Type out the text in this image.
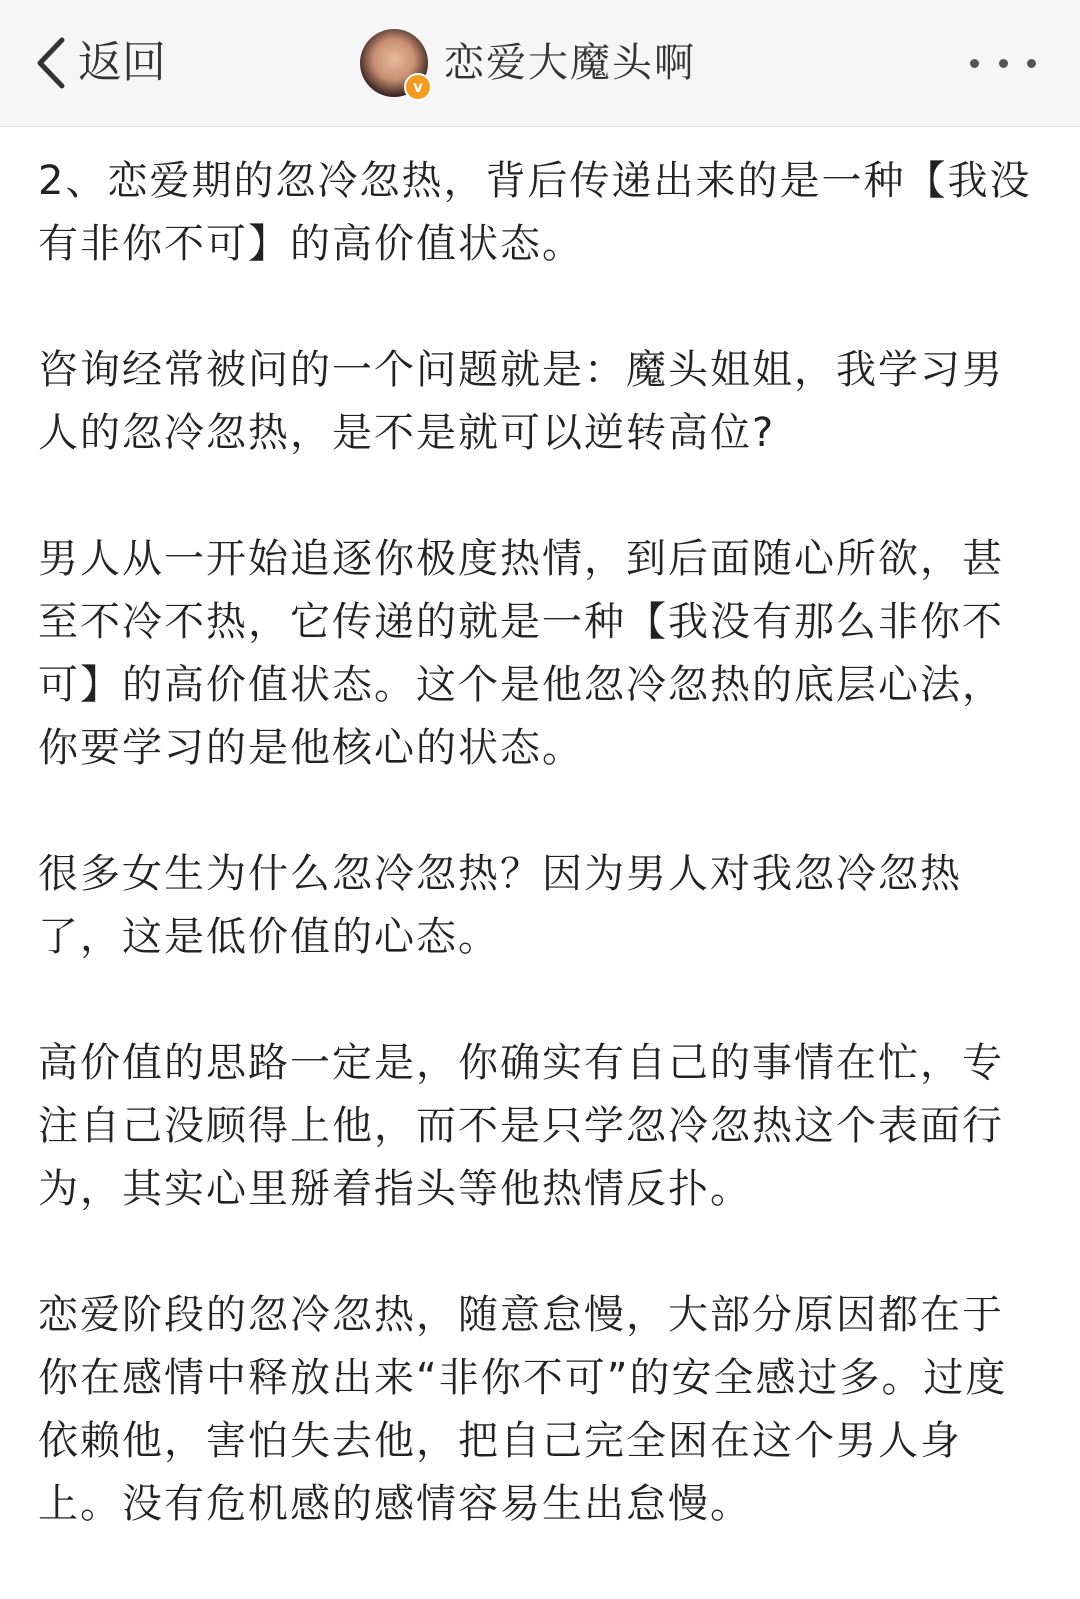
返回	v
恋爱大魔头啊

2、恋爱期的忽冷忽热，背后传递出来的是一种【我没有非你不可】的高价值状态。

咨询经常被问的一个问题就是：魔头姐姐，我学习男人的忽冷忽热，是不是就可以逆转高位?

男人从一开始追逐你极度热情，到后面随心所欲，甚至不冷不热，它传递的就是一种【我没有那么非你不可】的高价值状态。这个是他忽冷忽热的底层心法，你要学习的是他核心的状态。

很多女生为什么忽冷忽热？因为男人对我忽冷忽热了，这是低价值的心态。

高价值的思路一定是，你确实有自己的事情在忙，专注自己没顾得上他，而不是只学忽冷忽热这个表面行为，其实心里掰着指头等他热情反扑。

恋爱阶段的忽冷忽热，随意怠慢，大部分原因都在于你在感情中释放出来“非你不可”的安全感过多。过度依赖他，害怕失去他，把自己完全困在这个男人身上。没有危机感的感情容易生出怠慢。
